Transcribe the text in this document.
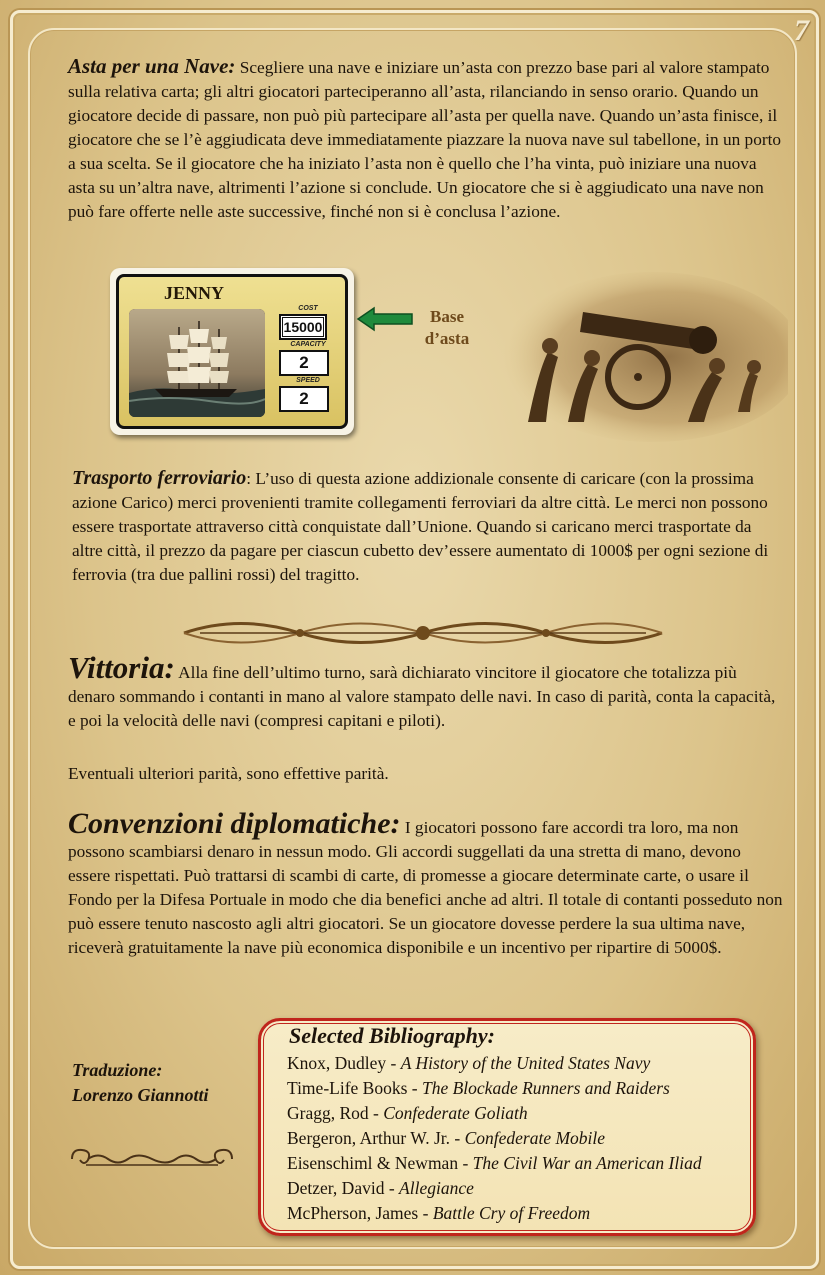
7

Asta per una Nave: Scegliere una nave e iniziare un’asta con prezzo base pari al valore stampato sulla relativa carta; gli altri giocatori parteciperanno all’asta, rilanciando in senso orario. Quando un giocatore decide di passare, non può più partecipare all’asta per quella nave. Quando un’asta finisce, il giocatore che se l’è aggiudicata deve immediatamente piazzare la nuova nave sul tabellone, in un porto a sua scelta. Se il giocatore che ha iniziato l’asta non è quello che l’ha vinta, può iniziare una nuova asta su un’altra nave, altrimenti l’azione si conclude. Un giocatore che si è aggiudicato una nave non può fare offerte nelle aste successive, finché non si è conclusa l’azione.

JENNY
COST
15000
CAPACITY
2
SPEED
2
Base
d’asta

Trasporto ferroviario: L’uso di questa azione addizionale consente di caricare (con la prossima azione Carico) merci provenienti tramite collegamenti ferroviari da altre città. Le merci non possono essere trasportate attraverso città conquistate dall’Unione. Quando si caricano merci trasportate da altre città, il prezzo da pagare per ciascun cubetto dev’essere aumentato di 1000$ per ogni sezione di ferrovia (tra due pallini rossi) del tragitto.

Vittoria: Alla fine dell’ultimo turno, sarà dichiarato vincitore il giocatore che totalizza più denaro sommando i contanti in mano al valore stampato delle navi. In caso di parità, conta la capacità, e poi la velocità delle navi (compresi capitani e piloti).

Eventuali ulteriori parità, sono effettive parità.

Convenzioni diplomatiche: I giocatori possono fare accordi tra loro, ma non possono scambiarsi denaro in nessun modo. Gli accordi suggellati da una stretta di mano, devono essere rispettati. Può trattarsi di scambi di carte, di promesse a giocare determinate carte, o usare il Fondo per la Difesa Portuale in modo che dia benefici anche ad altri. Il totale di contanti posseduto non può essere tenuto nascosto agli altri giocatori. Se un giocatore dovesse perdere la sua ultima nave, riceverà gratuitamente la nave più economica disponibile e un incentivo per ripartire di 5000$.

Traduzione:
Lorenzo Giannotti
Selected Bibliography:
Knox, Dudley - A History of the United States Navy
Time-Life Books - The Blockade Runners and Raiders
Gragg, Rod - Confederate Goliath
Bergeron, Arthur W. Jr. - Confederate Mobile
Eisenschiml & Newman - The Civil War an American Iliad
Detzer, David - Allegiance
McPherson, James - Battle Cry of Freedom
